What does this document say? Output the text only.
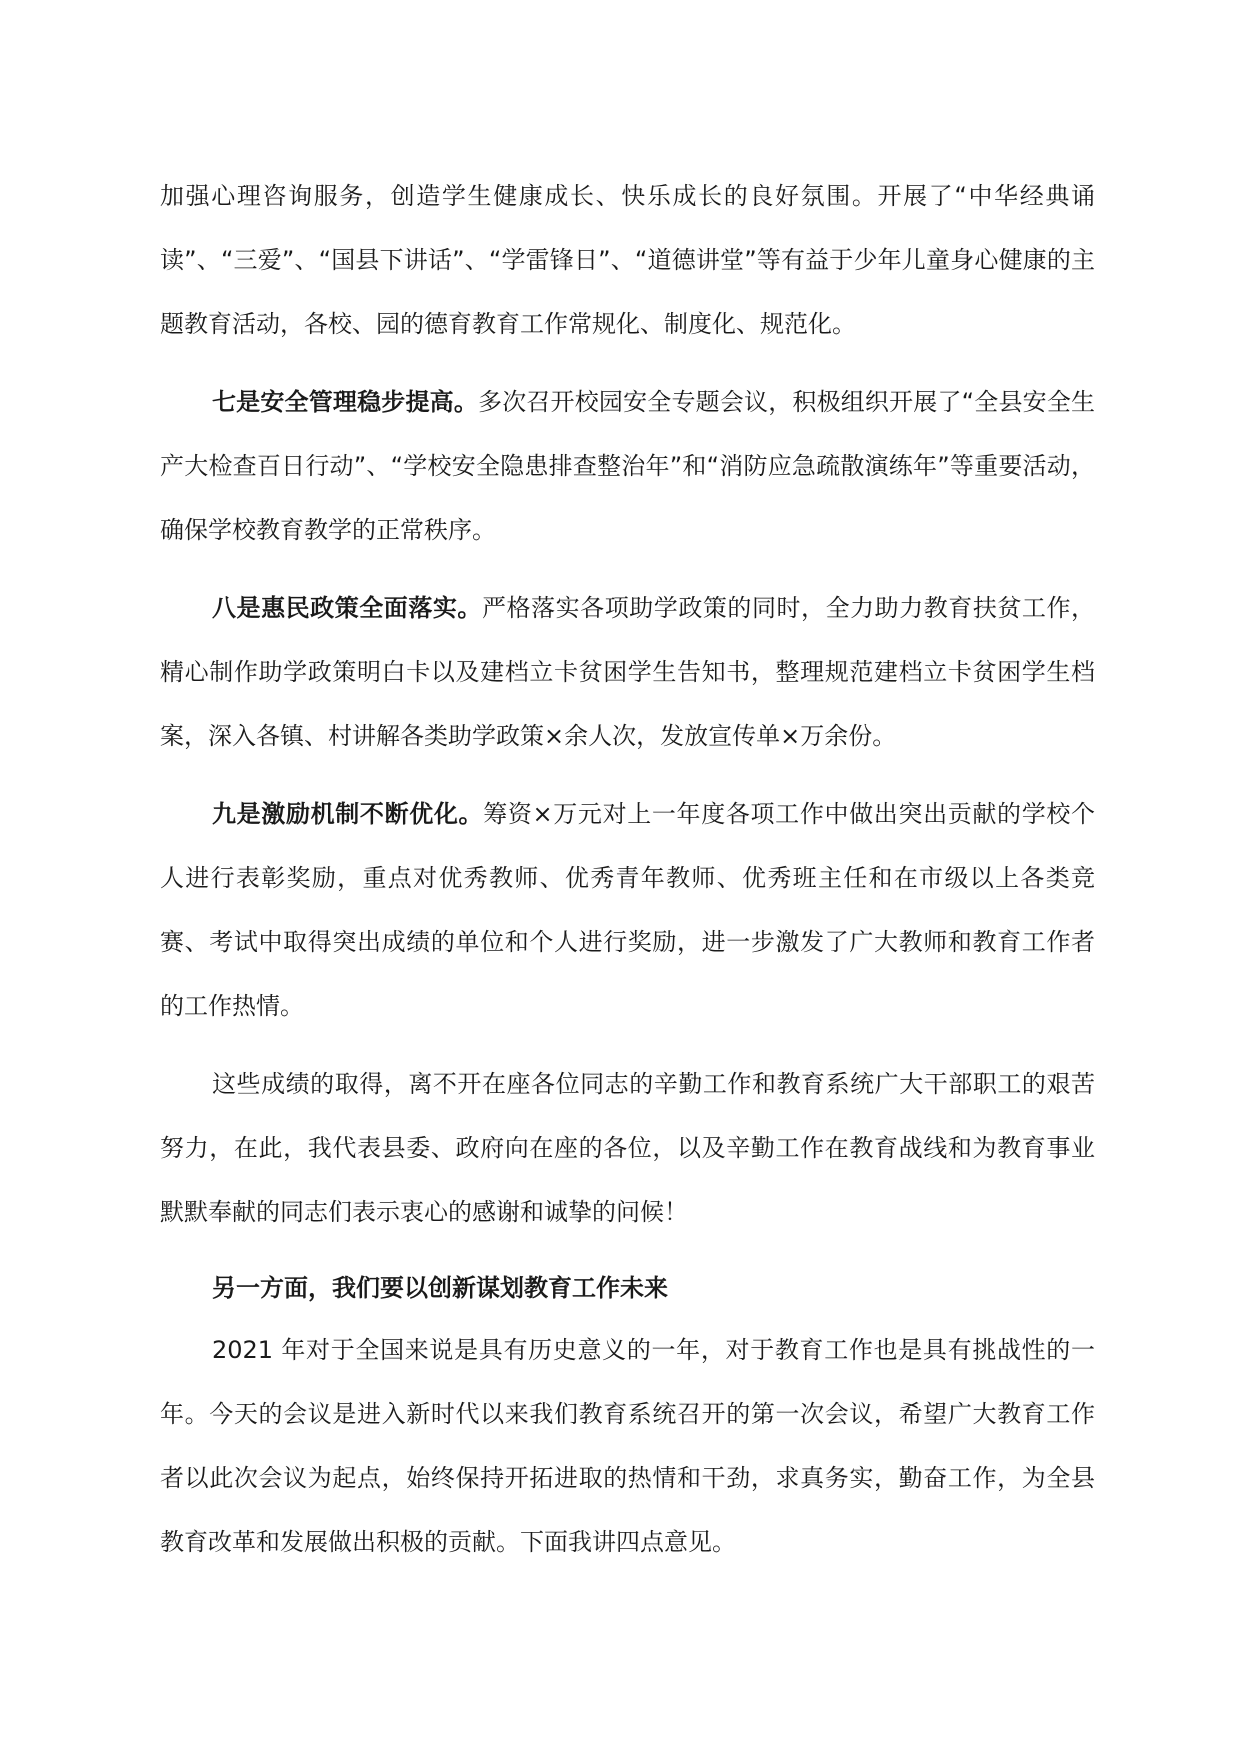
加强心理咨询服务，创造学生健康成长、快乐成长的良好氛围。开展了“中华经典诵读”、“三爱”、“国县下讲话”、“学雷锋日”、“道德讲堂”等有益于少年儿童身心健康的主题教育活动，各校、园的德育教育工作常规化、制度化、规范化。

七是安全管理稳步提高。多次召开校园安全专题会议，积极组织开展了“全县安全生产大检查百日行动”、“学校安全隐患排查整治年”和“消防应急疏散演练年”等重要活动，确保学校教育教学的正常秩序。

八是惠民政策全面落实。严格落实各项助学政策的同时，全力助力教育扶贫工作，精心制作助学政策明白卡以及建档立卡贫困学生告知书，整理规范建档立卡贫困学生档案，深入各镇、村讲解各类助学政策×余人次，发放宣传单×万余份。

九是激励机制不断优化。筹资×万元对上一年度各项工作中做出突出贡献的学校个人进行表彰奖励，重点对优秀教师、优秀青年教师、优秀班主任和在市级以上各类竞赛、考试中取得突出成绩的单位和个人进行奖励，进一步激发了广大教师和教育工作者的工作热情。

这些成绩的取得，离不开在座各位同志的辛勤工作和教育系统广大干部职工的艰苦努力，在此，我代表县委、政府向在座的各位，以及辛勤工作在教育战线和为教育事业默默奉献的同志们表示衷心的感谢和诚挚的问候！

另一方面，我们要以创新谋划教育工作未来

2021 年对于全国来说是具有历史意义的一年，对于教育工作也是具有挑战性的一年。今天的会议是进入新时代以来我们教育系统召开的第一次会议，希望广大教育工作者以此次会议为起点，始终保持开拓进取的热情和干劲，求真务实，勤奋工作，为全县教育改革和发展做出积极的贡献。下面我讲四点意见。
